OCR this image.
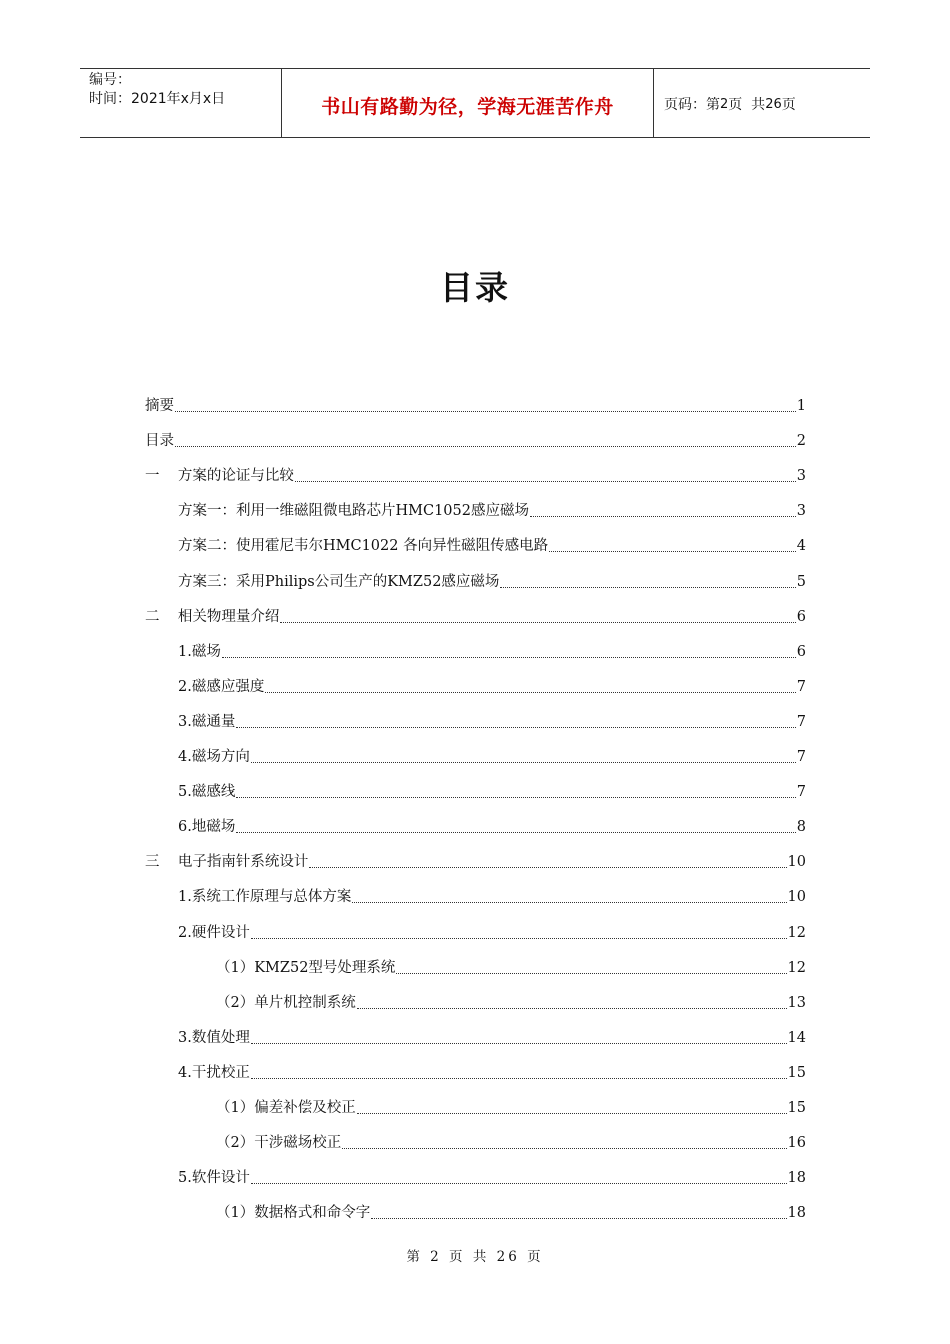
编号：
时间：2021年x月x日	书山有路勤为径，学海无涯苦作舟	页码：第 2 页  共 26 页
目录
摘要	1
目录	2
一    方案的论证与比较	3
方案一：利用一维磁阻微电路芯片HMC1052感应磁场	3
方案二：使用霍尼韦尔HMC1022 各向异性磁阻传感电路	4
方案三：采用Philips公司生产的KMZ52感应磁场	5
二    相关物理量介绍	6
1.磁场	6
2.磁感应强度	7
3.磁通量	7
4.磁场方向	7
5.磁感线	7
6.地磁场	8
三    电子指南针系统设计	10
1.系统工作原理与总体方案	10
2.硬件设计	12
（1）KMZ52型号处理系统	12
（2）单片机控制系统	13
3.数值处理	14
4.干扰校正	15
（1）偏差补偿及校正	15
（2）干涉磁场校正	16
5.软件设计	18
（1）数据格式和命令字	18
第 2 页 共 26 页
